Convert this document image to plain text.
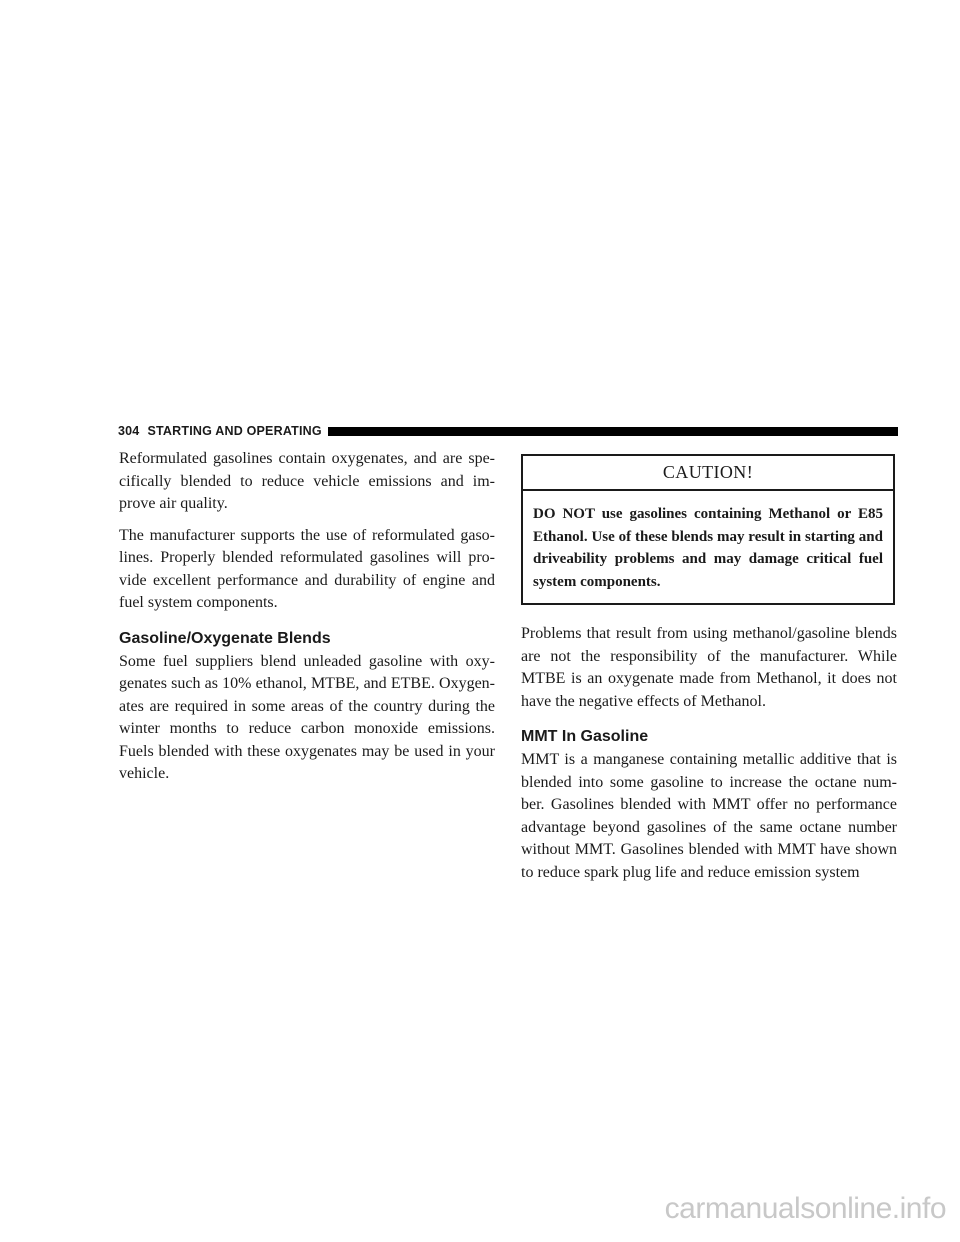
304 STARTING AND OPERATING

Reformulated gasolines contain oxygenates, and are spe-cifically blended to reduce vehicle emissions and im-prove air quality.

The manufacturer supports the use of reformulated gaso-lines. Properly blended reformulated gasolines will pro-vide excellent performance and durability of engine and fuel system components.

Gasoline/Oxygenate Blends

Some fuel suppliers blend unleaded gasoline with oxy-genates such as 10% ethanol, MTBE, and ETBE. Oxygen-ates are required in some areas of the country during the winter months to reduce carbon monoxide emissions. Fuels blended with these oxygenates may be used in your vehicle.

CAUTION!
DO NOT use gasolines containing Methanol or E85 Ethanol. Use of these blends may result in starting and driveability problems and may damage critical fuel system components.

Problems that result from using methanol/gasoline blends are not the responsibility of the manufacturer. While MTBE is an oxygenate made from Methanol, it does not have the negative effects of Methanol.

MMT In Gasoline

MMT is a manganese containing metallic additive that is blended into some gasoline to increase the octane num-ber. Gasolines blended with MMT offer no performance advantage beyond gasolines of the same octane number without MMT. Gasolines blended with MMT have shown to reduce spark plug life and reduce emission system

carmanualsonline.info
